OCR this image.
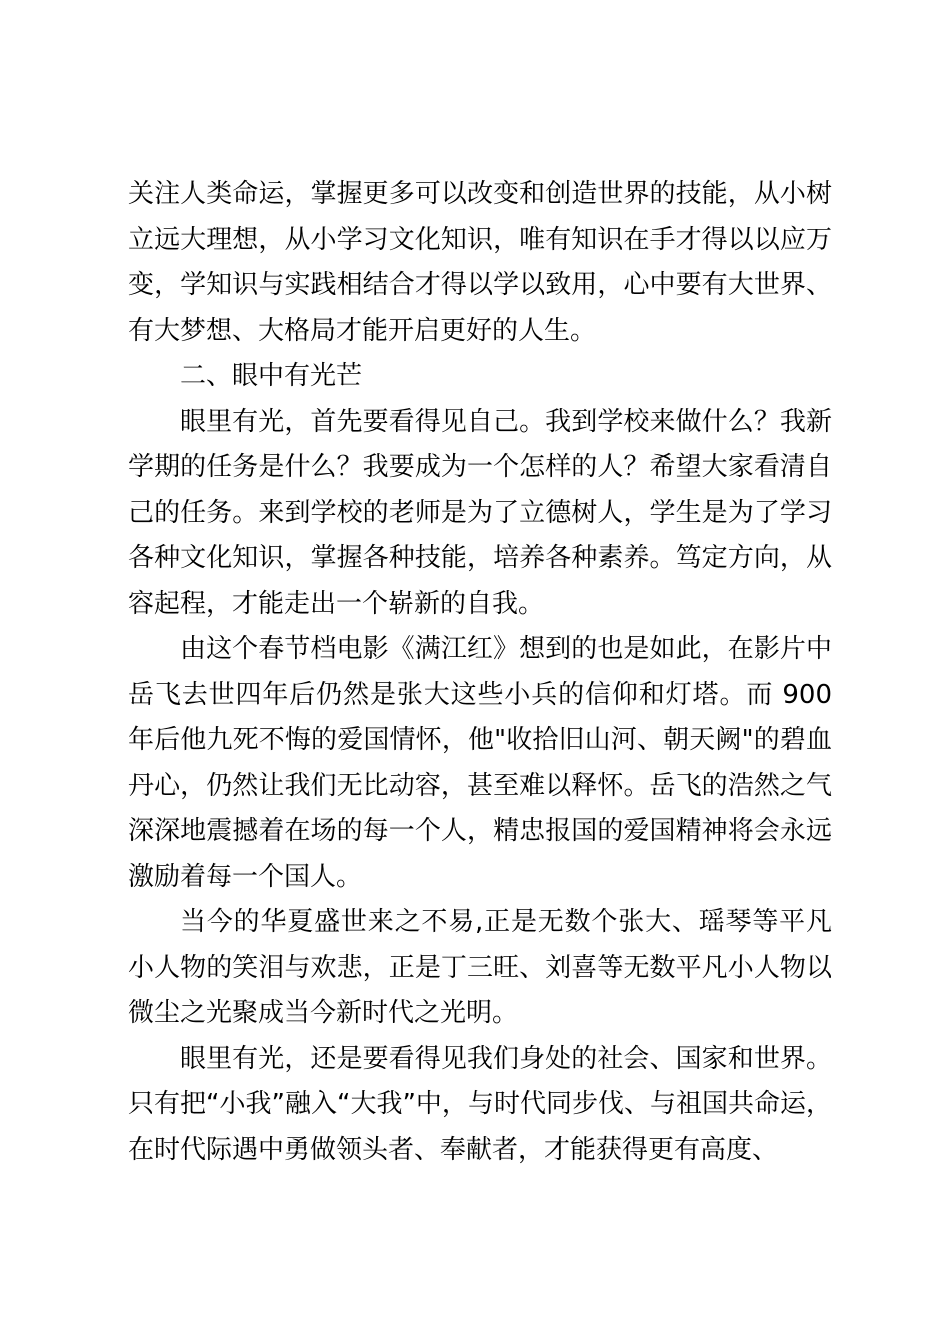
关注人类命运，掌握更多可以改变和创造世界的技能，从小树立远大理想，从小学习文化知识，唯有知识在手才得以以应万变，学知识与实践相结合才得以学以致用，心中要有大世界、有大梦想、大格局才能开启更好的人生。

二、眼中有光芒

眼里有光，首先要看得见自己。我到学校来做什么？我新学期的任务是什么？我要成为一个怎样的人？希望大家看清自己的任务。来到学校的老师是为了立德树人，学生是为了学习各种文化知识，掌握各种技能，培养各种素养。笃定方向，从容起程，才能走出一个崭新的自我。

由这个春节档电影《满江红》想到的也是如此，在影片中岳飞去世四年后仍然是张大这些小兵的信仰和灯塔。而 900 年后他九死不悔的爱国情怀，他"收拾旧山河、朝天阙"的碧血丹心，仍然让我们无比动容，甚至难以释怀。岳飞的浩然之气深深地震撼着在场的每一个人，精忠报国的爱国精神将会永远激励着每一个国人。

当今的华夏盛世来之不易,正是无数个张大、瑶琴等平凡小人物的笑泪与欢悲，正是丁三旺、刘喜等无数平凡小人物以微尘之光聚成当今新时代之光明。

眼里有光，还是要看得见我们身处的社会、国家和世界。只有把“小我”融入“大我”中，与时代同步伐、与祖国共命运，在时代际遇中勇做领头者、奉献者，才能获得更有高度、
